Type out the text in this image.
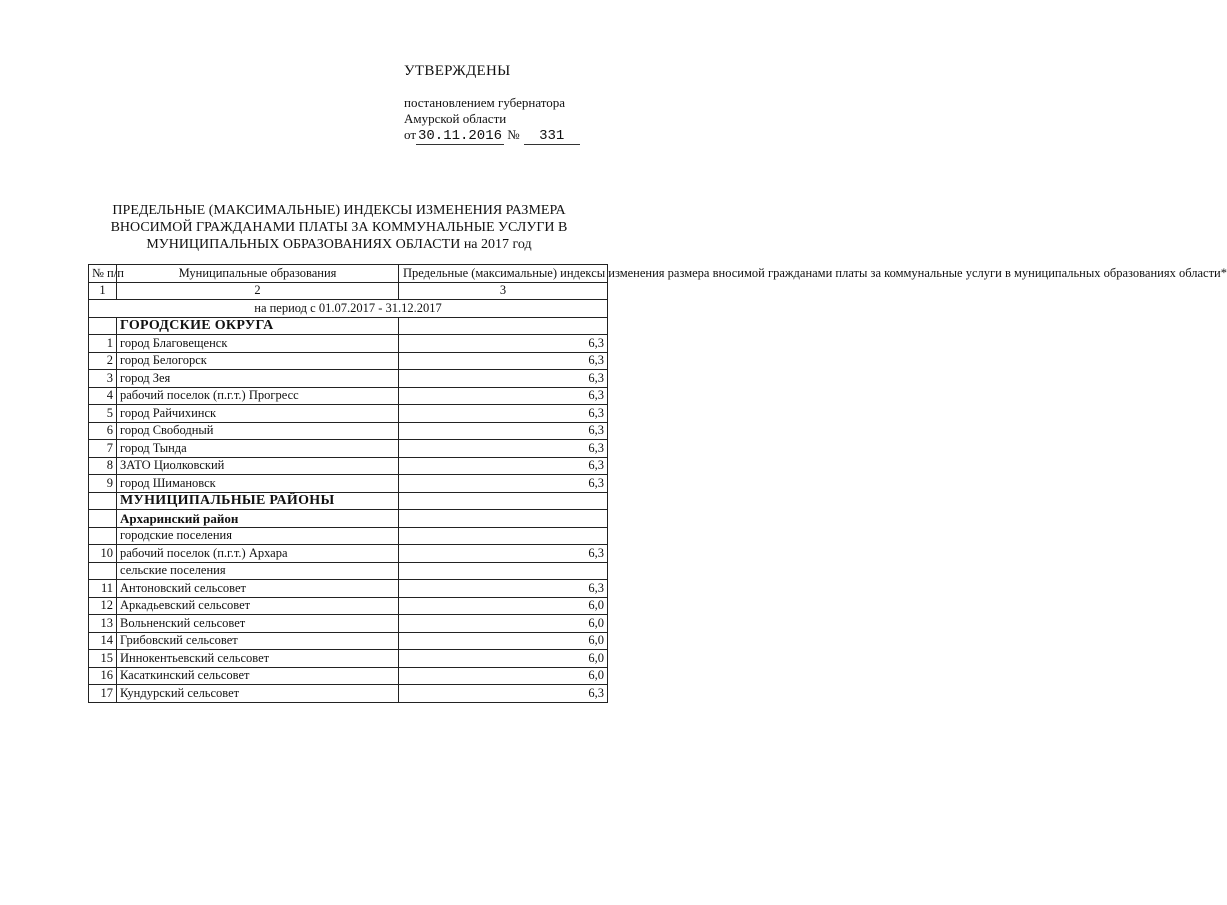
УТВЕРЖДЕНЫ
постановлением губернатора
Амурской области
от 30.11.2016 № 331
ПРЕДЕЛЬНЫЕ (МАКСИМАЛЬНЫЕ) ИНДЕКСЫ ИЗМЕНЕНИЯ РАЗМЕРА
ВНОСИМОЙ ГРАЖДАНАМИ ПЛАТЫ ЗА КОММУНАЛЬНЫЕ УСЛУГИ В
МУНИЦИПАЛЬНЫХ ОБРАЗОВАНИЯХ ОБЛАСТИ на 2017 год
№ п/п	Муниципальные образования	Предельные (максимальные) индексы изменения размера вносимой гражданами платы за коммунальные услуги в муниципальных образованиях области*
1	2	3
на период с 01.07.2017 - 31.12.2017		
	ГОРОДСКИЕ ОКРУГА	
1	город Благовещенск	6,3
2	город Белогорск	6,3
3	город Зея	6,3
4	рабочий поселок (п.г.т.) Прогресс	6,3
5	город Райчихинск	6,3
6	город Свободный	6,3
7	город Тында	6,3
8	ЗАТО Циолковский	6,3
9	город Шимановск	6,3
	МУНИЦИПАЛЬНЫЕ РАЙОНЫ	
	Архаринский район	
	городские поселения	
10	рабочий поселок (п.г.т.) Архара	6,3
	сельские поселения	
11	Антоновский сельсовет	6,3
12	Аркадьевский сельсовет	6,0
13	Вольненский сельсовет	6,0
14	Грибовский сельсовет	6,0
15	Иннокентьевский сельсовет	6,0
16	Касаткинский сельсовет	6,0
17	Кундурский сельсовет	6,3
